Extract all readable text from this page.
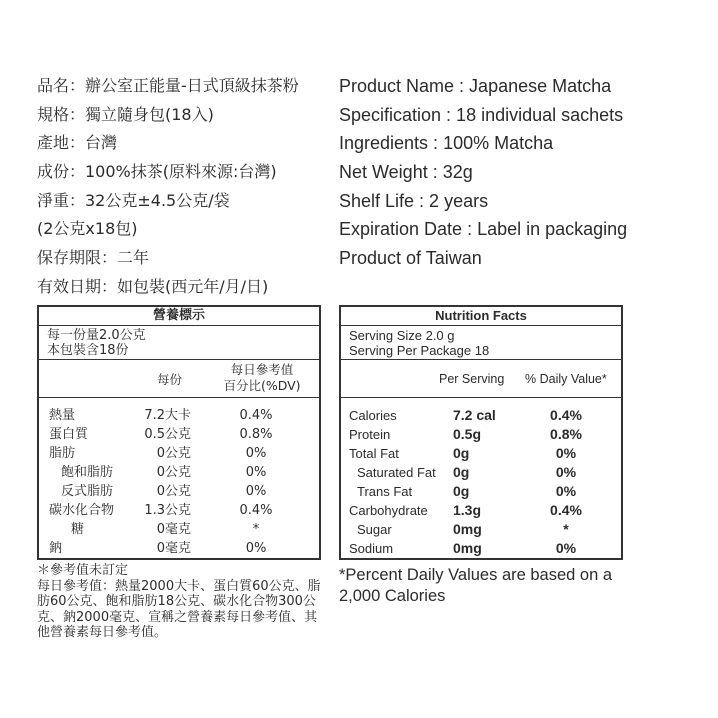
品名：辦公室正能量-日式頂級抹茶粉
規格：獨立隨身包(18入)
產地：台灣
成份：100%抹茶(原料來源:台灣)
淨重：32公克±4.5公克/袋
(2公克x18包)
保存期限：二年
有效日期：如包裝(西元年/月/日)
Product Name : Japanese Matcha
Specification : 18 individual sachets
Ingredients : 100% Matcha
Net Weight : 32g
Shelf Life : 2 years
Expiration Date : Label in packaging
Product of Taiwan
營養標示
每一份量2.0公克
本包裝含18份
每份
每日參考值
百分比(%DV)
熱量	7.2大卡	0.4%
蛋白質	0.5公克	0.8%
脂肪	0公克	0%
飽和脂肪	0公克	0%
反式脂肪	0公克	0%
碳水化合物	1.3公克	0.4%
糖	0毫克	*
鈉	0毫克	0%
Nutrition Facts
Serving Size 2.0 g
Serving Per Package 18
Per Serving % Daily Value*
Calories	7.2 cal	0.4%
Protein	0.5g	0.8%
Total Fat	0g	0%
Saturated Fat 0g	0%
Trans Fat	0g	0%
Carbohydrate 1.3g	0.4%
Sugar	0mg	*
Sodium	0mg	0%
＊參考值未訂定
每日參考值：熱量2000大卡、蛋白質60公克、脂肪60公克、飽和脂肪18公克、碳水化合物300公克、鈉2000毫克、宣稱之營養素每日參考值、其他營養素每日參考值。
*Percent Daily Values are based on a 2,000 Calories
